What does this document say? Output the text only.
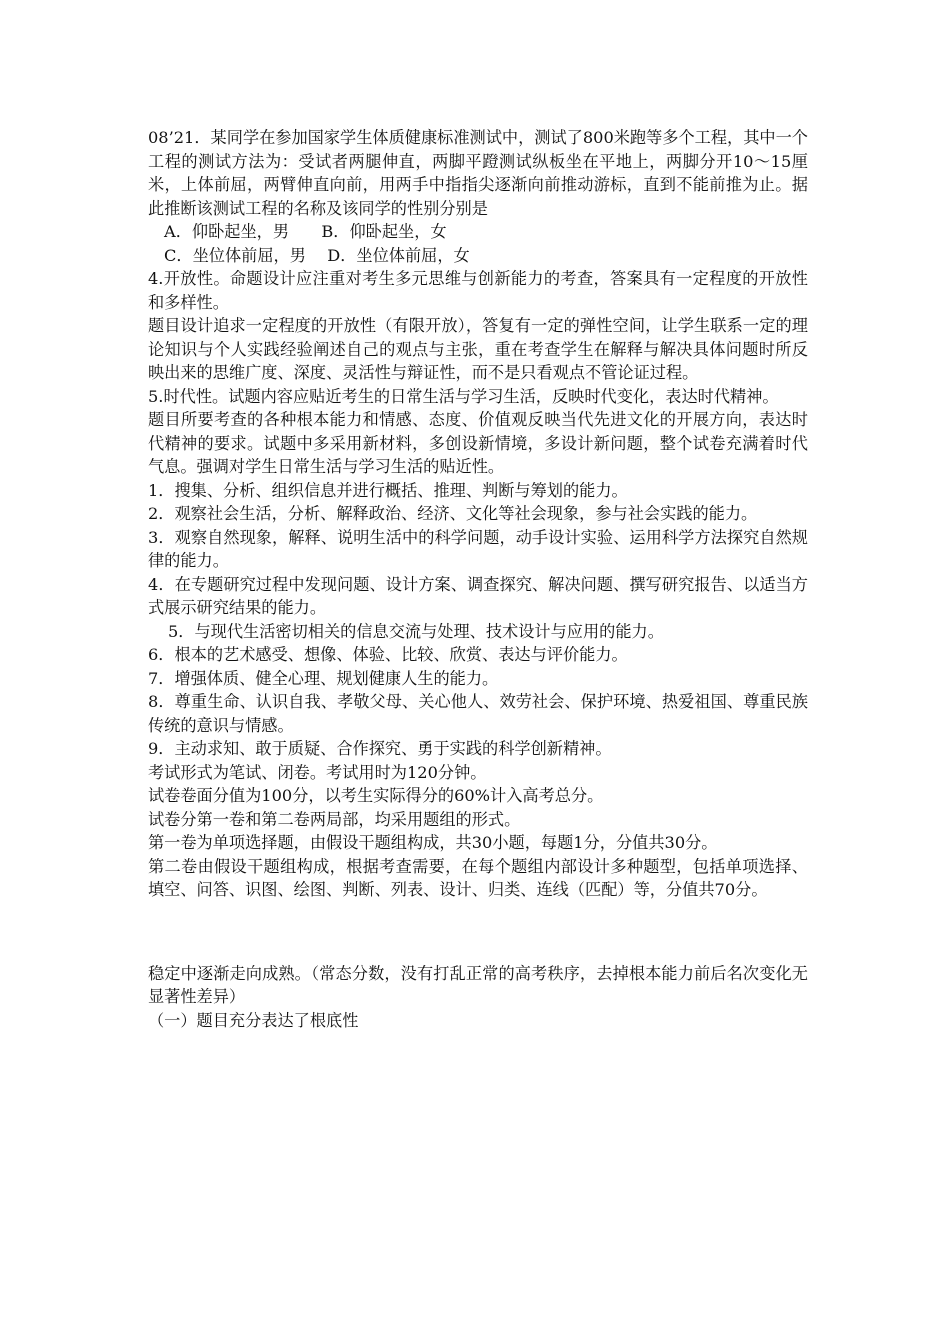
08’21．某同学在参加国家学生体质健康标准测试中，测试了800米跑等多个工程，其中一个工程的测试方法为：受试者两腿伸直，两脚平蹬测试纵板坐在平地上，两脚分开10～15厘米，上体前屈，两臂伸直向前，用两手中指指尖逐渐向前推动游标，直到不能前推为止。据此推断该测试工程的名称及该同学的性别分别是

A．仰卧起坐，男　　B．仰卧起坐，女

C．坐位体前屈，男　 D．坐位体前屈，女

4.开放性。命题设计应注重对考生多元思维与创新能力的考查，答案具有一定程度的开放性和多样性。

题目设计追求一定程度的开放性（有限开放），答复有一定的弹性空间，让学生联系一定的理论知识与个人实践经验阐述自己的观点与主张，重在考查学生在解释与解决具体问题时所反映出来的思维广度、深度、灵活性与辩证性，而不是只看观点不管论证过程。

5.时代性。试题内容应贴近考生的日常生活与学习生活，反映时代变化，表达时代精神。

题目所要考查的各种根本能力和情感、态度、价值观反映当代先进文化的开展方向，表达时代精神的要求。试题中多采用新材料，多创设新情境，多设计新问题，整个试卷充满着时代气息。强调对学生日常生活与学习生活的贴近性。

1．搜集、分析、组织信息并进行概括、推理、判断与筹划的能力。

2．观察社会生活，分析、解释政治、经济、文化等社会现象，参与社会实践的能力。

3．观察自然现象，解释、说明生活中的科学问题，动手设计实验、运用科学方法探究自然规律的能力。

4．在专题研究过程中发现问题、设计方案、调查探究、解决问题、撰写研究报告、以适当方式展示研究结果的能力。

5．与现代生活密切相关的信息交流与处理、技术设计与应用的能力。

6．根本的艺术感受、想像、体验、比较、欣赏、表达与评价能力。

7．增强体质、健全心理、规划健康人生的能力。

8．尊重生命、认识自我、孝敬父母、关心他人、效劳社会、保护环境、热爱祖国、尊重民族传统的意识与情感。

9．主动求知、敢于质疑、合作探究、勇于实践的科学创新精神。

考试形式为笔试、闭卷。考试用时为120分钟。

试卷卷面分值为100分，以考生实际得分的60%计入高考总分。

试卷分第一卷和第二卷两局部，均采用题组的形式。

第一卷为单项选择题，由假设干题组构成，共30小题，每题1分，分值共30分。

第二卷由假设干题组构成，根据考查需要，在每个题组内部设计多种题型，包括单项选择、填空、问答、识图、绘图、判断、列表、设计、归类、连线（匹配）等，分值共70分。

稳定中逐渐走向成熟。（常态分数，没有打乱正常的高考秩序，去掉根本能力前后名次变化无显著性差异）

（一）题目充分表达了根底性
